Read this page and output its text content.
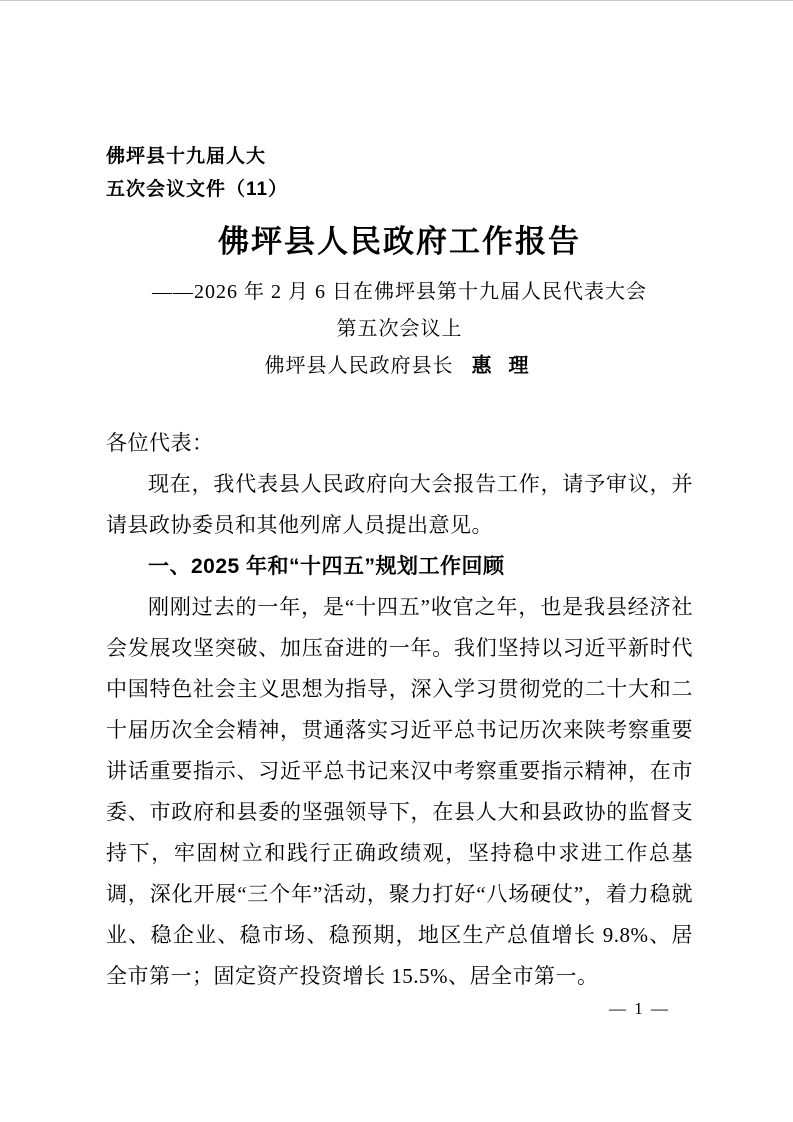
佛坪县十九届人大
五次会议文件（11）
佛坪县人民政府工作报告
——2026 年 2 月 6 日在佛坪县第十九届人民代表大会
第五次会议上
佛坪县人民政府县长 惠 理

各位代表：

现在，我代表县人民政府向大会报告工作，请予审议，并请县政协委员和其他列席人员提出意见。

一、2025 年和“十四五”规划工作回顾

刚刚过去的一年，是“十四五”收官之年，也是我县经济社会发展攻坚突破、加压奋进的一年。我们坚持以习近平新时代中国特色社会主义思想为指导，深入学习贯彻党的二十大和二十届历次全会精神，贯通落实习近平总书记历次来陕考察重要讲话重要指示、习近平总书记来汉中考察重要指示精神，在市委、市政府和县委的坚强领导下，在县人大和县政协的监督支持下，牢固树立和践行正确政绩观，坚持稳中求进工作总基调，深化开展“三个年”活动，聚力打好“八场硬仗”，着力稳就业、稳企业、稳市场、稳预期，地区生产总值增长 9.8%、居全市第一；固定资产投资增长 15.5%、居全市第一。

— 1 —
